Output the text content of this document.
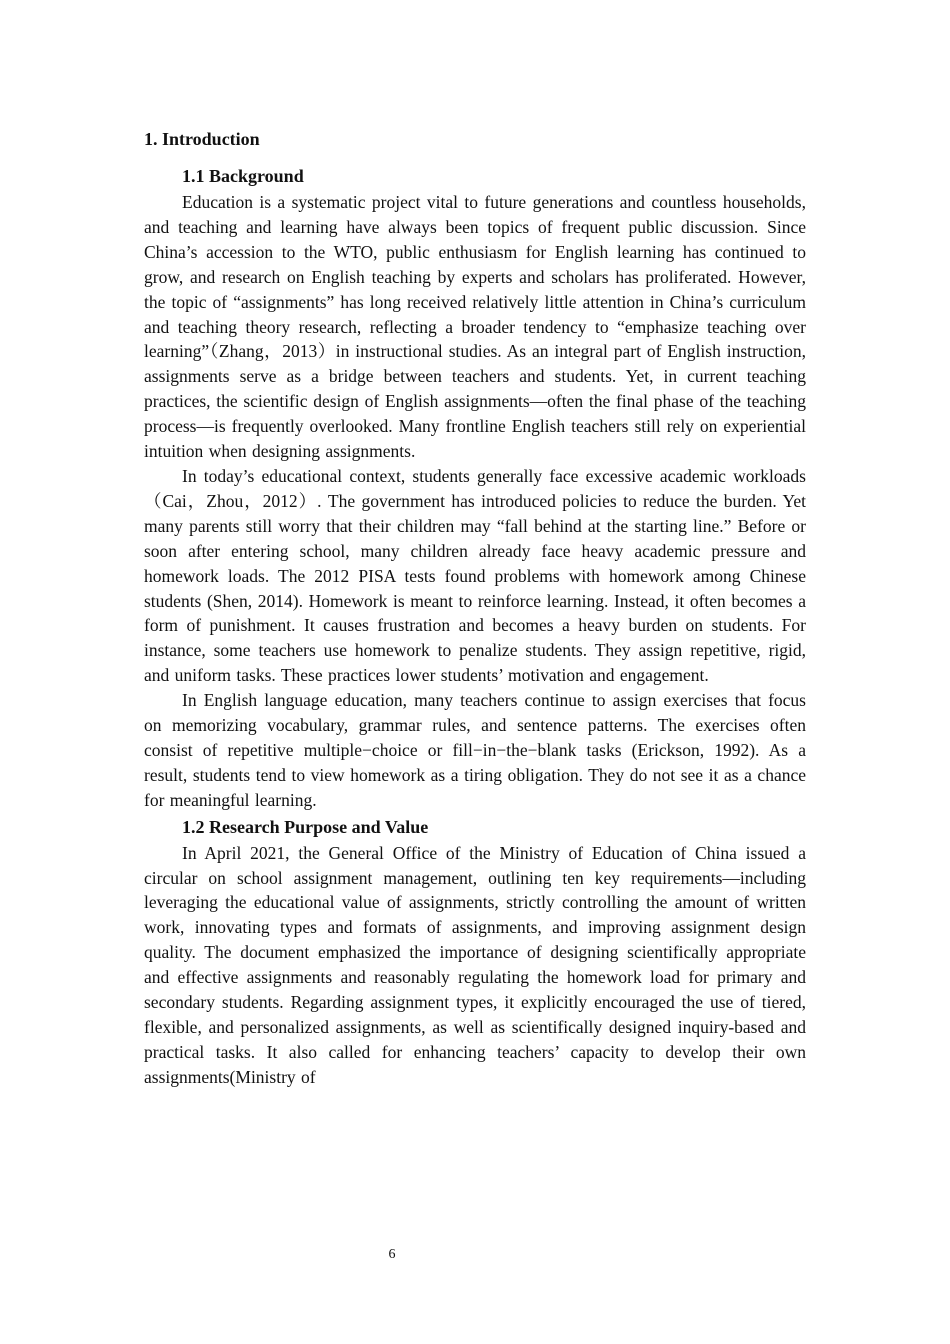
1. Introduction
1.1 Background

Education is a systematic project vital to future generations and countless households, and teaching and learning have always been topics of frequent public discussion. Since China’s accession to the WTO, public enthusiasm for English learning has continued to grow, and research on English teaching by experts and scholars has proliferated. However, the topic of “assignments” has long received relatively little attention in China’s curriculum and teaching theory research, reflecting a broader tendency to “emphasize teaching over learning”（Zhang，2013）in instructional studies. As an integral part of English instruction, assignments serve as a bridge between teachers and students. Yet, in current teaching practices, the scientific design of English assignments—often the final phase of the teaching process—is frequently overlooked. Many frontline English teachers still rely on experiential intuition when designing assignments.

In today’s educational context, students generally face excessive academic workloads（Cai，Zhou，2012）. The government has introduced policies to reduce the burden. Yet many parents still worry that their children may “fall behind at the starting line.” Before or soon after entering school, many children already face heavy academic pressure and homework loads. The 2012 PISA tests found problems with homework among Chinese students (Shen, 2014). Homework is meant to reinforce learning. Instead, it often becomes a form of punishment. It causes frustration and becomes a heavy burden on students. For instance, some teachers use homework to penalize students. They assign repetitive, rigid, and uniform tasks. These practices lower students’ motivation and engagement.

In English language education, many teachers continue to assign exercises that focus on memorizing vocabulary, grammar rules, and sentence patterns. The exercises often consist of repetitive multiple−choice or fill−in−the−blank tasks (Erickson, 1992). As a result, students tend to view homework as a tiring obligation. They do not see it as a chance for meaningful learning.

1.2 Research Purpose and Value

In April 2021, the General Office of the Ministry of Education of China issued a circular on school assignment management, outlining ten key requirements—including leveraging the educational value of assignments, strictly controlling the amount of written work, innovating types and formats of assignments, and improving assignment design quality. The document emphasized the importance of designing scientifically appropriate and effective assignments and reasonably regulating the homework load for primary and secondary students. Regarding assignment types, it explicitly encouraged the use of tiered, flexible, and personalized assignments, as well as scientifically designed inquiry-based and practical tasks. It also called for enhancing teachers’ capacity to develop their own assignments(Ministry of

6
